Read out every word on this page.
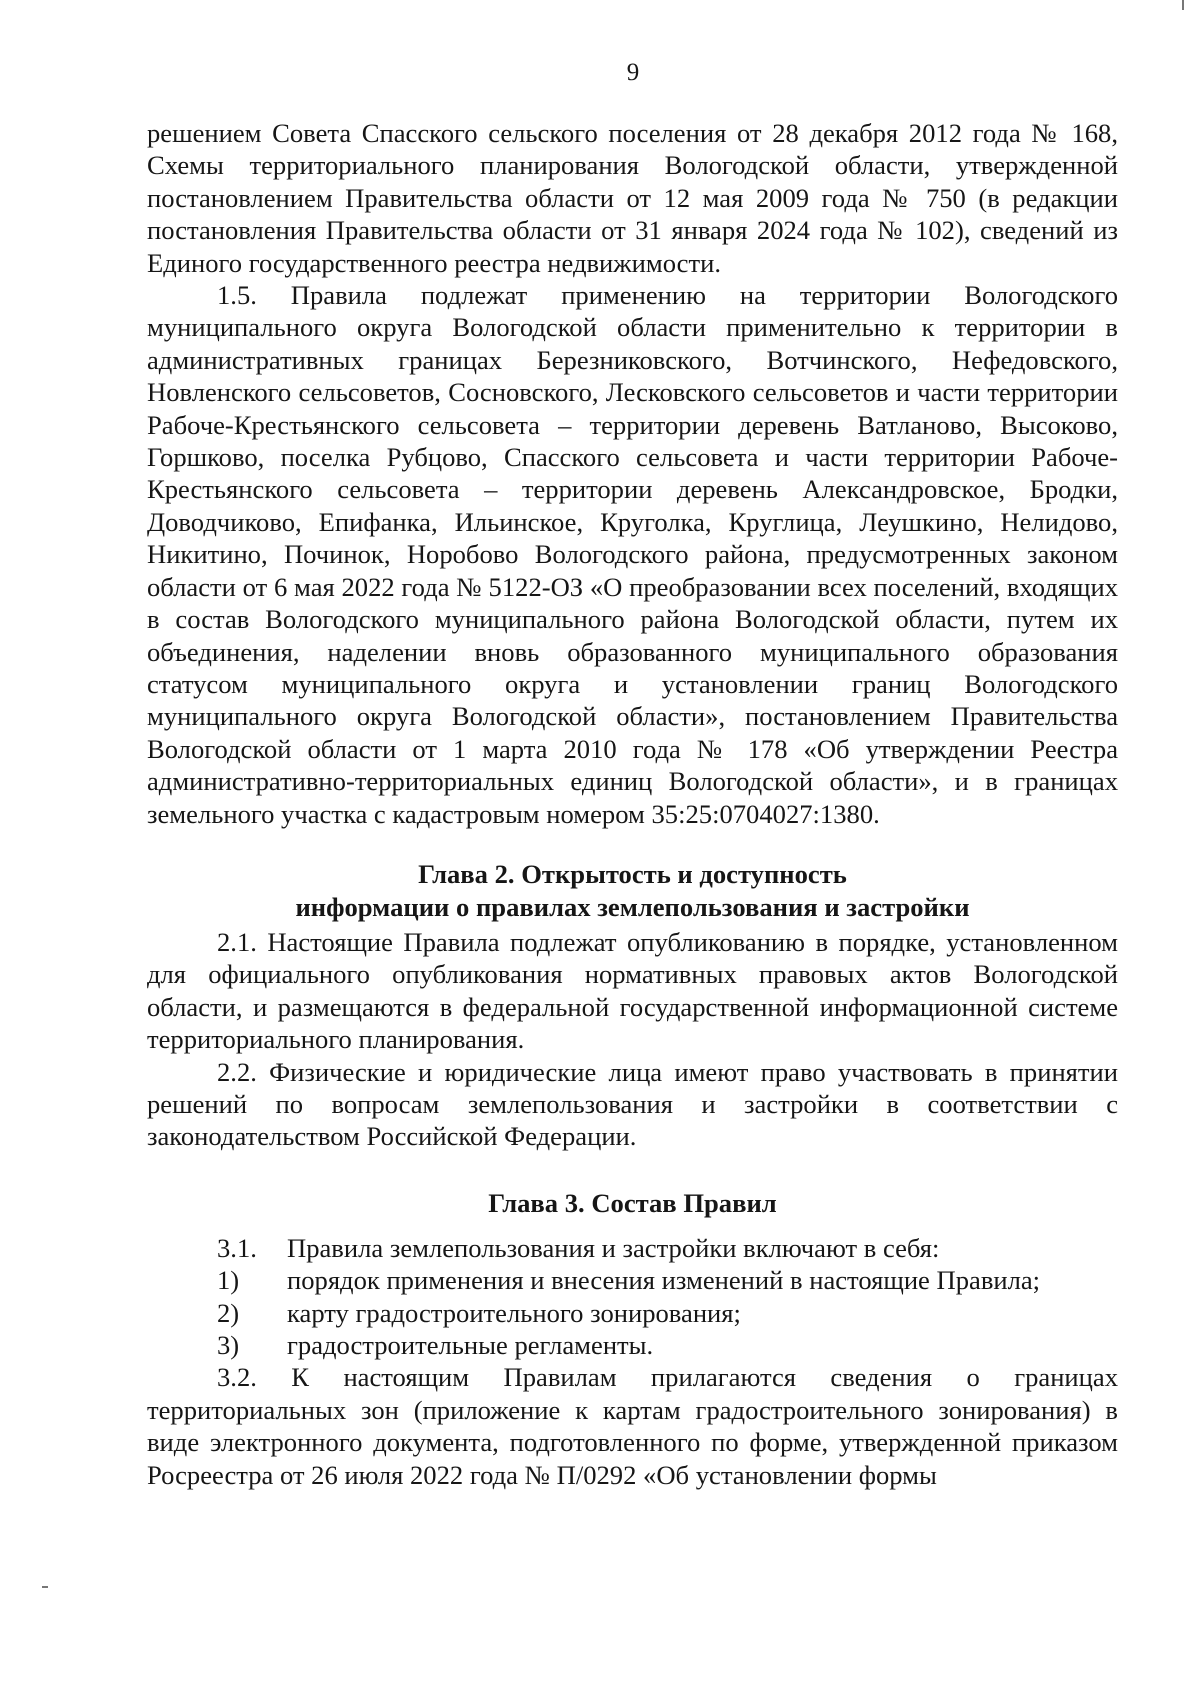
9

решением Совета Спасского сельского поселения от 28 декабря 2012 года № 168, Схемы территориального планирования Вологодской области, утвержденной постановлением Правительства области от 12 мая 2009 года № 750 (в редакции постановления Правительства области от 31 января 2024 года № 102), сведений из Единого государственного реестра недвижимости.

1.5. Правила подлежат применению на территории Вологодского муниципального округа Вологодской области применительно к территории в административных границах Березниковского, Вотчинского, Нефедовского, Новленского сельсоветов, Сосновского, Лесковского сельсоветов и части территории Рабоче-Крестьянского сельсовета – территории деревень Ватланово, Высоково, Горшково, поселка Рубцово, Спасского сельсовета и части территории Рабоче-Крестьянского сельсовета – территории деревень Александровское, Бродки, Доводчиково, Епифанка, Ильинское, Круголка, Круглица, Леушкино, Нелидово, Никитино, Починок, Норобово Вологодского района, предусмотренных законом области от 6 мая 2022 года № 5122-ОЗ «О преобразовании всех поселений, входящих в состав Вологодского муниципального района Вологодской области, путем их объединения, наделении вновь образованного муниципального образования статусом муниципального округа и установлении границ Вологодского муниципального округа Вологодской области», постановлением Правительства Вологодской области от 1 марта 2010 года № 178 «Об утверждении Реестра административно-территориальных единиц Вологодской области», и в границах земельного участка с кадастровым номером 35:25:0704027:1380.

Глава 2. Открытость и доступность
информации о правилах землепользования и застройки

2.1. Настоящие Правила подлежат опубликованию в порядке, установленном для официального опубликования нормативных правовых актов Вологодской области, и размещаются в федеральной государственной информационной системе территориального планирования.

2.2. Физические и юридические лица имеют право участвовать в принятии решений по вопросам землепользования и застройки в соответствии с законодательством Российской Федерации.

Глава 3. Состав Правил
3.1.	Правила землепользования и застройки включают в себя:
1)	порядок применения и внесения изменений в настоящие Правила;
2)	карту градостроительного зонирования;
3)	градостроительные регламенты.

3.2. К настоящим Правилам прилагаются сведения о границах территориальных зон (приложение к картам градостроительного зонирования) в виде электронного документа, подготовленного по форме, утвержденной приказом Росреестра от 26 июля 2022 года № П/0292 «Об установлении формы
